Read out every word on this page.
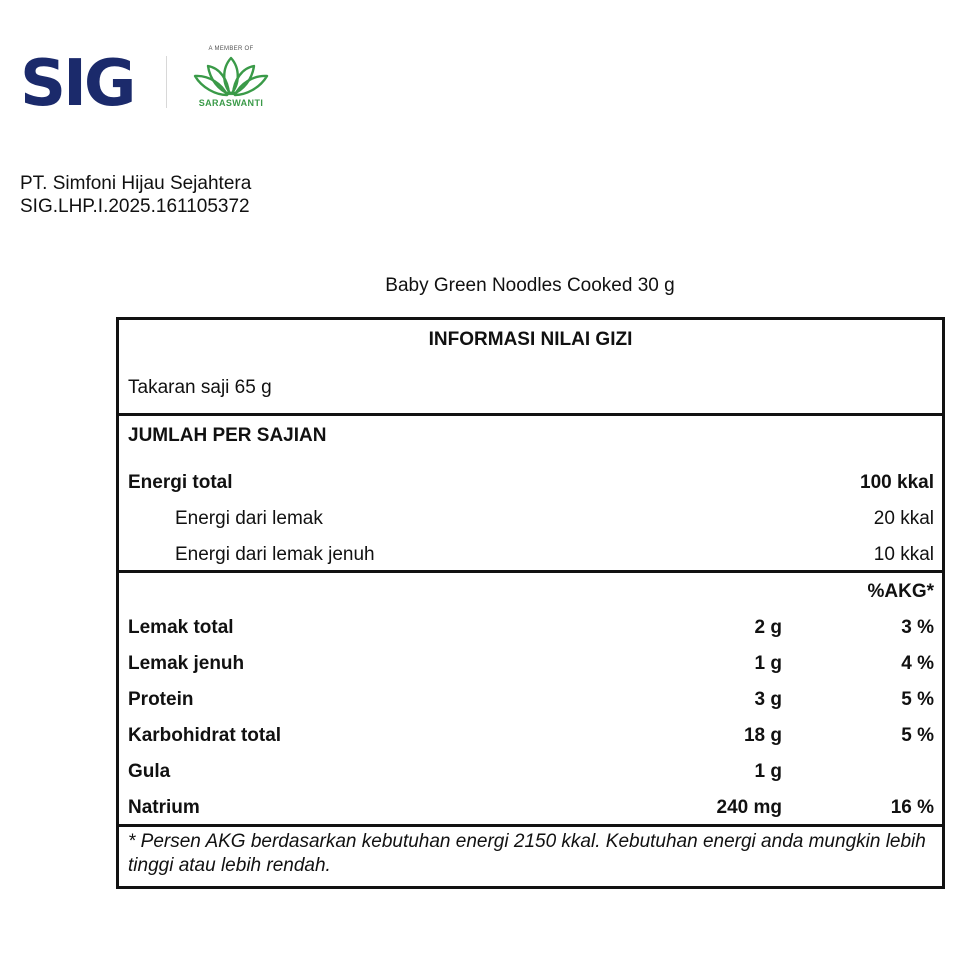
SIG	A MEMBER OF
SARASWANTI
PT. Simfoni Hijau Sejahtera
SIG.LHP.I.2025.161105372
Baby Green Noodles Cooked 30 g
INFORMASI NILAI GIZI
Takaran saji 65 g
JUMLAH PER SAJIAN
Energi total	100 kkal
Energi dari lemak	20 kkal
Energi dari lemak jenuh	10 kkal
%AKG*
Lemak total	2 g	3 %
Lemak jenuh	1 g	4 %
Protein	3 g	5 %
Karbohidrat total	18 g	5 %
Gula	1 g
Natrium	240 mg	16 %
* Persen AKG berdasarkan kebutuhan energi 2150 kkal. Kebutuhan energi anda mungkin lebih tinggi atau lebih rendah.
